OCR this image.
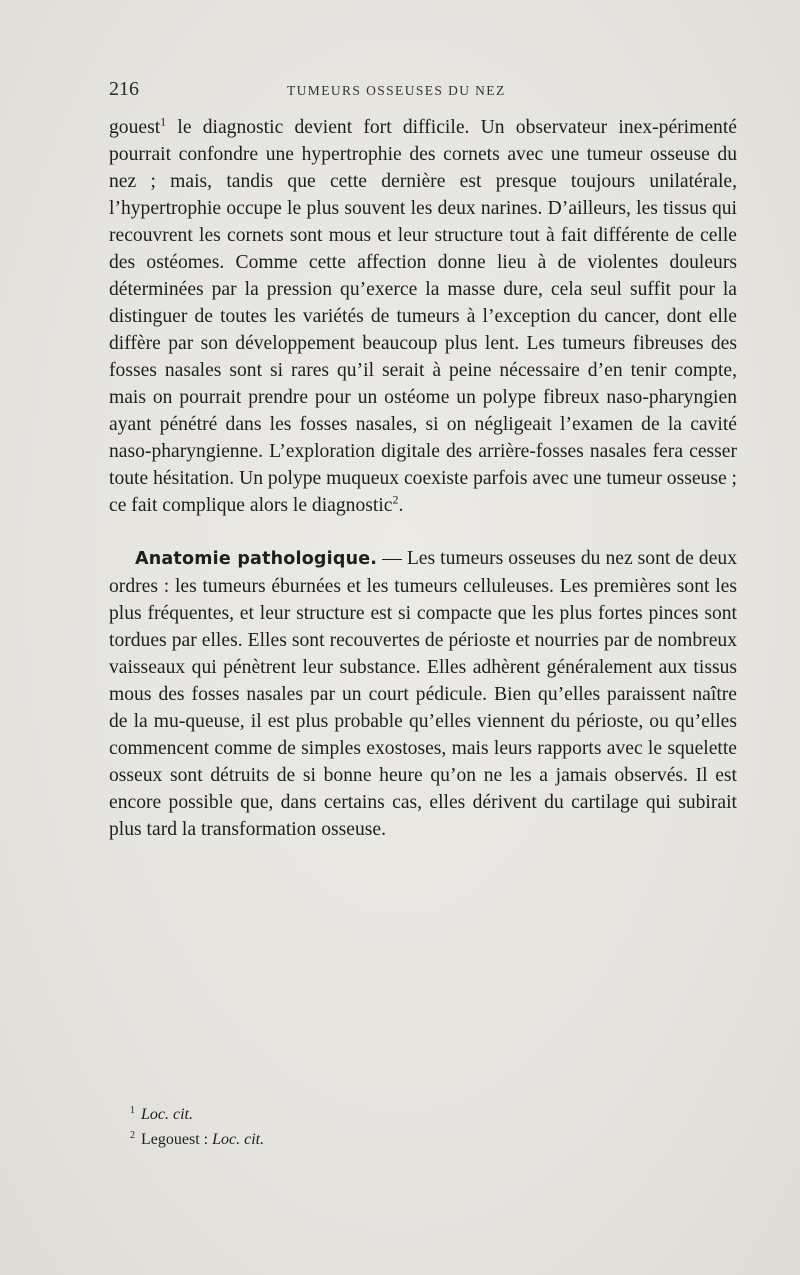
216	TUMEURS OSSEUSES DU NEZ

gouest$^1$ le diagnostic devient fort difficile. Un observateur inex-périmenté pourrait confondre une hypertrophie des cornets avec une tumeur osseuse du nez ; mais, tandis que cette dernière est presque toujours unilatérale, l’hypertrophie occupe le plus souvent les deux narines. D’ailleurs, les tissus qui recouvrent les cornets sont mous et leur structure tout à fait différente de celle des ostéomes. Comme cette affection donne lieu à de violentes douleurs déterminées par la pression qu’exerce la masse dure, cela seul suffit pour la distinguer de toutes les variétés de tumeurs à l’exception du cancer, dont elle diffère par son développement beaucoup plus lent. Les tumeurs fibreuses des fosses nasales sont si rares qu’il serait à peine nécessaire d’en tenir compte, mais on pourrait prendre pour un ostéome un polype fibreux naso-pharyngien ayant pénétré dans les fosses nasales, si on négligeait l’examen de la cavité naso-pharyngienne. L’exploration digitale des arrière-fosses nasales fera cesser toute hésitation. Un polype muqueux coexiste parfois avec une tumeur osseuse ; ce fait complique alors le diagnostic$^2$.

Anatomie pathologique. — Les tumeurs osseuses du nez sont de deux ordres : les tumeurs éburnées et les tumeurs celluleuses. Les premières sont les plus fréquentes, et leur structure est si compacte que les plus fortes pinces sont tordues par elles. Elles sont recouvertes de périoste et nourries par de nombreux vaisseaux qui pénètrent leur substance. Elles adhèrent généralement aux tissus mous des fosses nasales par un court pédicule. Bien qu’elles paraissent naître de la mu-queuse, il est plus probable qu’elles viennent du périoste, ou qu’elles commencent comme de simples exostoses, mais leurs rapports avec le squelette osseux sont détruits de si bonne heure qu’on ne les a jamais observés. Il est encore possible que, dans certains cas, elles dérivent du cartilage qui subirait plus tard la transformation osseuse.

$^1$ Loc. cit.

$^2$ Legouest : Loc. cit.
